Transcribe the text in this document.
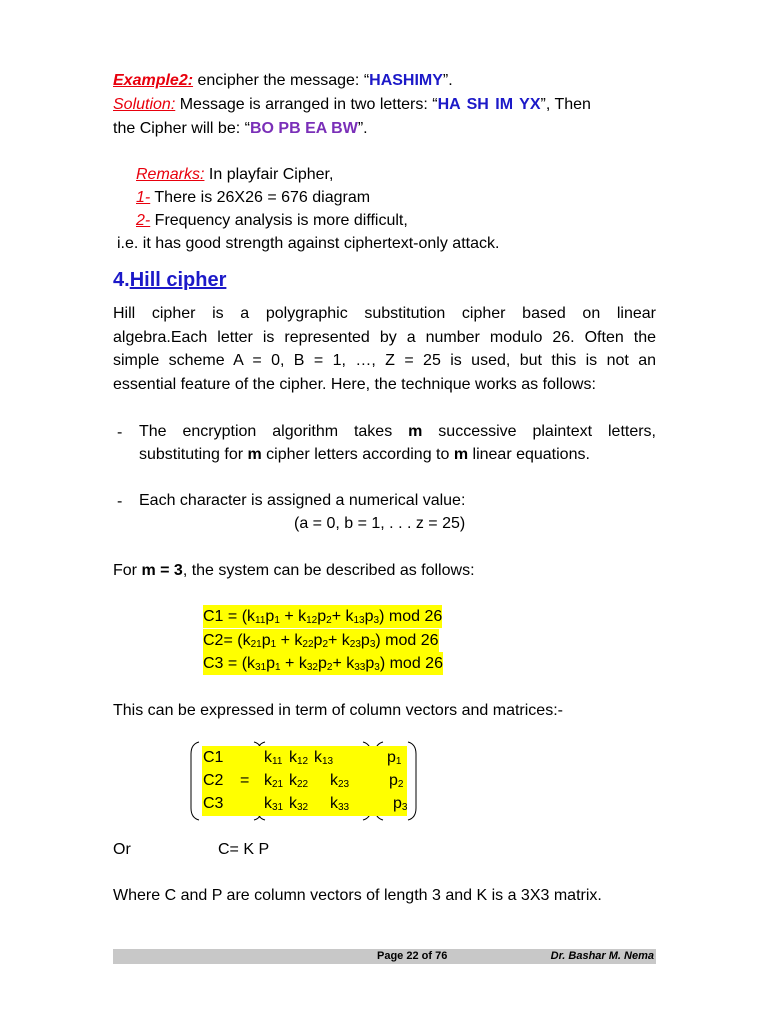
Example2: encipher the message: “HASHIMY”.
Solution: Message is arranged in two letters: “HA SH IM YX”, Then
the Cipher will be: “BO PB EA BW”.
Remarks: In playfair Cipher,
1- There is 26X26 = 676 diagram
2- Frequency analysis is more difficult,
i.e. it has good strength against ciphertext-only attack.
4.Hill cipher
Hill cipher is a polygraphic substitution cipher based on linear
algebra.Each letter is represented by a number modulo 26. Often the
simple scheme A = 0, B = 1, …, Z = 25 is used, but this is not an
essential feature of the cipher. Here, the technique works as follows:
- The encryption algorithm takes m successive plaintext letters,
substituting for m cipher letters according to m linear equations.
- Each character is assigned a numerical value:
(a = 0, b = 1, . . . z = 25)
For m = 3, the system can be described as follows:
$C1 = (k_{11}p_1 + k_{12}p_2+ k_{13}p_3)$ mod 26
$C2= (k_{21}p_1 + k_{22}p_2+ k_{23}p_3)$ mod 26
$C3 = (k_{31}p_1 + k_{32}p_2+ k_{33}p_3)$ mod 26
This can be expressed in term of column vectors and matrices:-
C1
C2
C3
=
$k_{11}$ $k_{12}$ $k_{13}$
$k_{21}$ $k_{22}$ $k_{23}$
$k_{31}$ $k_{32}$ $k_{33}$
$p_1$
$p_2$
$p_3$
Or	C= K P
Where C and P are column vectors of length 3 and K is a 3X3 matrix.
Page 22 of 76	Dr. Bashar M. Nema
